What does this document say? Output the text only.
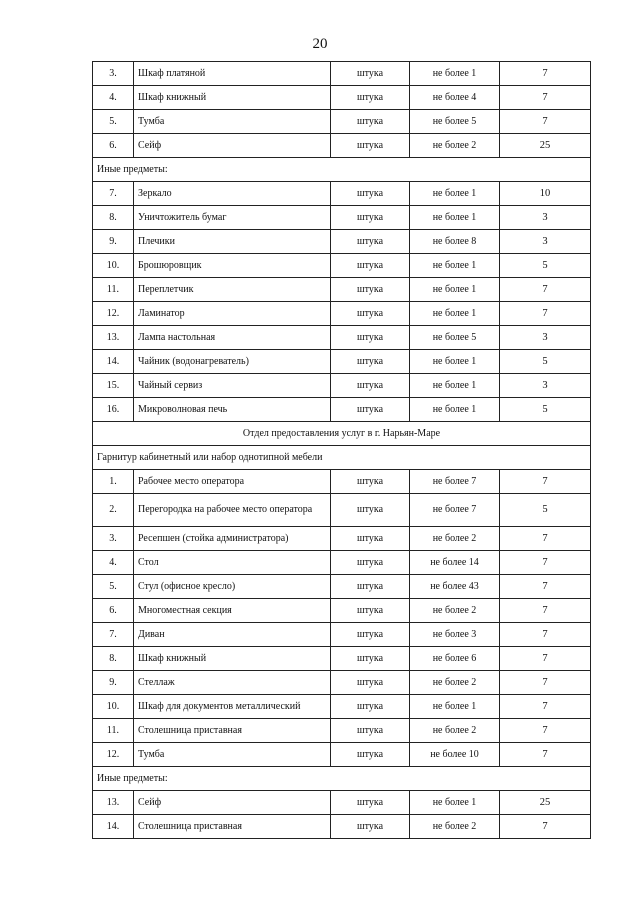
20
3.	Шкаф платяной	штука	не более 1	7
4.	Шкаф книжный	штука	не более 4	7
5.	Тумба	штука	не более 5	7
6.	Сейф	штука	не более 2	25
Иные предметы:				
7.	Зеркало	штука	не более 1	10
8.	Уничтожитель бумаг	штука	не более 1	3
9.	Плечики	штука	не более 8	3
10.	Брошюровщик	штука	не более 1	5
11.	Переплетчик	штука	не более 1	7
12.	Ламинатор	штука	не более 1	7
13.	Лампа настольная	штука	не более 5	3
14.	Чайник (водонагреватель)	штука	не более 1	5
15.	Чайный сервиз	штука	не более 1	3
16.	Микроволновая печь	штука	не более 1	5
Отдел предоставления услуг в г. Нарьян-Маре				
Гарнитур кабинетный или набор однотипной мебели				
1.	Рабочее место оператора	штука	не более 7	7
2.	Перегородка на рабочее место оператора	штука	не более 7	5
3.	Ресепшен (стойка администратора)	штука	не более 2	7
4.	Стол	штука	не более 14	7
5.	Стул (офисное кресло)	штука	не более 43	7
6.	Многоместная секция	штука	не более 2	7
7.	Диван	штука	не более 3	7
8.	Шкаф книжный	штука	не более 6	7
9.	Стеллаж	штука	не более 2	7
10.	Шкаф для документов металлический	штука	не более 1	7
11.	Столешница приставная	штука	не более 2	7
12.	Тумба	штука	не более 10	7
Иные предметы:				
13.	Сейф	штука	не более 1	25
14.	Столешница приставная	штука	не более 2	7
